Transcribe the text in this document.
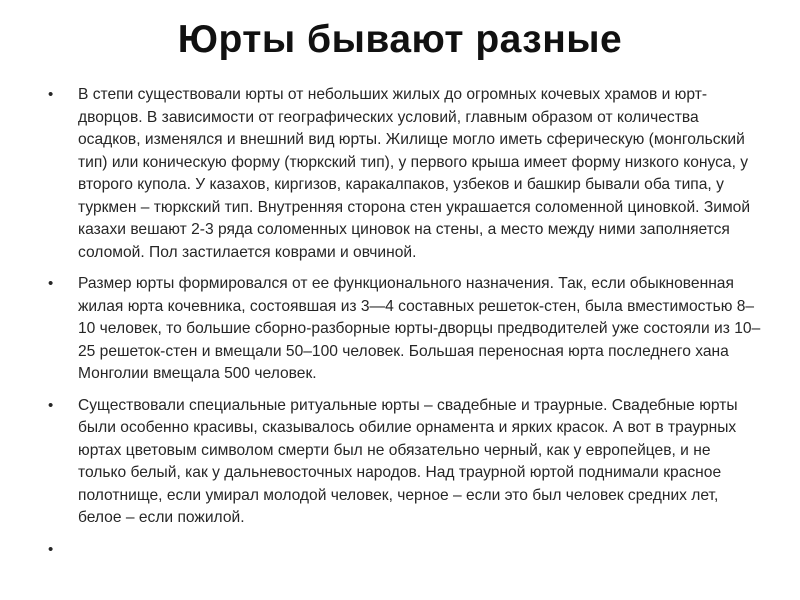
Юрты бывают разные
• В степи существовали юрты от небольших жилых до огромных кочевых храмов и юрт-дворцов. В зависимости от географических условий, главным образом от количества осадков, изменялся и внешний вид юрты. Жилище могло иметь сферическую (монгольский тип) или коническую форму (тюркский тип), у первого крыша имеет форму низкого конуса, у второго купола. У казахов, киргизов, каракалпаков, узбеков и башкир бывали оба типа, у туркмен – тюркский тип. Внутренняя сторона стен украшается соломенной циновкой. Зимой казахи вешают 2-3 ряда соломенных циновок на стены, а место между ними заполняется соломой. Пол застилается коврами и овчиной.
• Размер юрты формировался от ее функционального назначения. Так, если обыкновенная жилая юрта кочевника, состоявшая из 3—4 составных решеток-стен, была вместимостью 8–10 человек, то большие сборно-разборные юрты-дворцы предводителей уже состояли из 10–25 решеток-стен и вмещали 50–100 человек. Большая переносная юрта последнего хана Монголии вмещала 500 человек.
• Существовали специальные ритуальные юрты – свадебные и траурные. Свадебные юрты были особенно красивы, сказывалось обилие орнамента и ярких красок. А вот в траурных юртах цветовым символом смерти был не обязательно черный, как у европейцев, и не только белый, как у дальневосточных народов. Над траурной юртой поднимали красное полотнище, если умирал молодой человек, черное – если это был человек средних лет, белое – если пожилой.
•
